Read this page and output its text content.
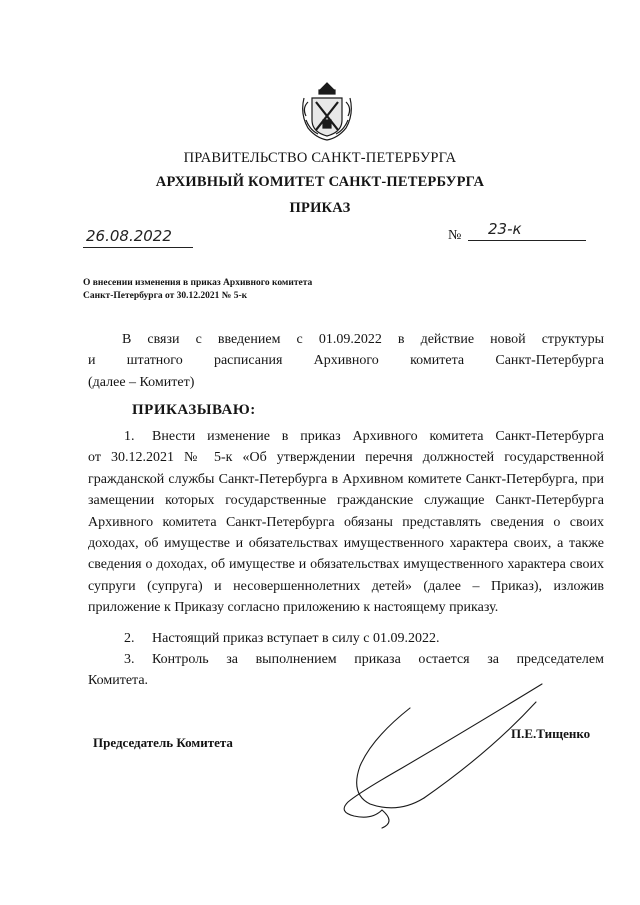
ПРАВИТЕЛЬСТВО САНКТ-ПЕТЕРБУРГА
АРХИВНЫЙ КОМИТЕТ САНКТ-ПЕТЕРБУРГА
ПРИКАЗ
26.08.2022	№ 23-к
О внесении изменения в приказ Архивного комитета
Санкт-Петербурга от 30.12.2021 № 5-к
В связи с введением с 01.09.2022 в действие новой структуры
и штатного расписания Архивного комитета Санкт-Петербурга
(далее – Комитет)
ПРИКАЗЫВАЮ:
1. Внести изменение в приказ Архивного комитета Санкт-Петербурга
от 30.12.2021 № 5-к «Об утверждении перечня должностей государственной гражданской службы Санкт-Петербурга в Архивном комитете Санкт-Петербурга, при замещении которых государственные гражданские служащие Санкт-Петербурга Архивного комитета Санкт-Петербурга обязаны представлять сведения о своих доходах, об имуществе и обязательствах имущественного характера своих, а также сведения о доходах, об имуществе и обязательствах имущественного характера своих супруги (супруга) и несовершеннолетних детей» (далее – Приказ), изложив приложение к Приказу согласно приложению к настоящему приказу.
2. Настоящий приказ вступает в силу с 01.09.2022.
3. Контроль за выполнением приказа остается за председателем
Комитета.
Председатель Комитета
П.Е.Тищенко
